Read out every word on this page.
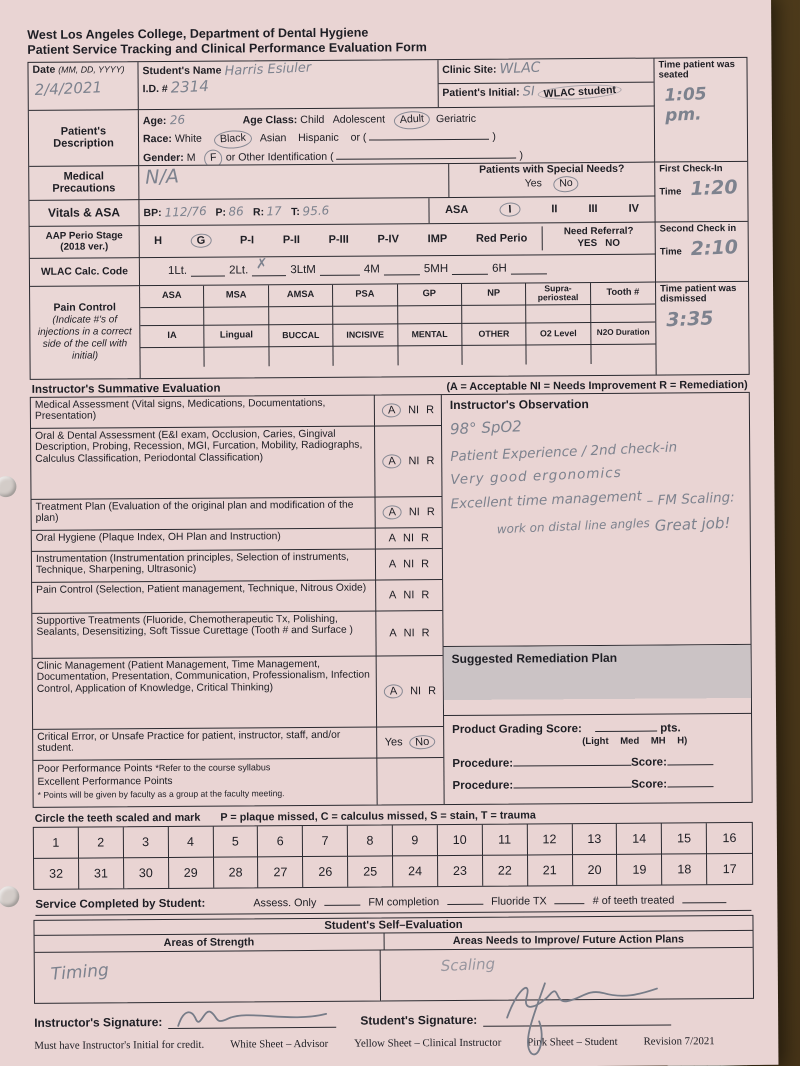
West Los Angeles College, Department of Dental Hygiene
Patient Service Tracking and Clinical Performance Evaluation Form
Date (MM, DD, YYYY) 2/4/2021
Student's Name Harris Esiuler
I.D. # 2314
Clinic Site: WLAC
Patient's Initial: SI WLAC student
Patient's Description
Age: 26	Age Class: Child Adolescent Adult Geriatric
Race: White Black Asian Hispanic or (	)
Gender: M F or Other Identification (	)
Medical Precautions
N/A	Patients with Special Needs?
Yes No
Vitals & ASA	BP: 112/76 P: 86 R: 17 T: 95.6	ASA	I	II	III	IV
AAP Perio Stage (2018 ver.)	H	G	P-I	P-II	P-III	P-IV	IMP	Red Perio
Need Referral?
YES NO
WLAC Calc. Code	1Lt.	2Lt. ✗ 3LtM	4M	5MH	6H
Pain Control
(Indicate #'s of injections in a correct side of the cell with initial)
ASA	MSA	AMSA	PSA	GP	NP	Supra-periosteal	Tooth #
IA	Lingual	BUCCAL	INCISIVE	MENTAL	OTHER	O2 Level	N2O Duration
Time patient was seated 1:05 pm.
First Check-In Time 1:20
Second Check in Time 2:10
Time patient was dismissed 3:35
Instructor's Summative Evaluation	(A = Acceptable NI = Needs Improvement R = Remediation)
Medical Assessment (Vital signs, Medications, Documentations, Presentation)
A	NI R
Oral & Dental Assessment (E&I exam, Occlusion, Caries, Gingival Description, Probing, Recession, MGI, Furcation, Mobility, Radiographs, Calculus Classification, Periodontal Classification)	A	NI R
Treatment Plan (Evaluation of the original plan and modification of the plan)
A	NI R
Oral Hygiene (Plaque Index, OH Plan and Instruction)	A NI R
Instrumentation (Instrumentation principles, Selection of instruments, Technique, Sharpening, Ultrasonic)
A NI R
Pain Control (Selection, Patient management, Technique, Nitrous Oxide)	A NI R
Supportive Treatments (Fluoride, Chemotherapeutic Tx, Polishing, Sealants, Desensitizing, Soft Tissue Curettage (Tooth # and Surface )	A NI R
Clinic Management (Patient Management, Time Management, Documentation, Presentation, Communication, Professionalism, Infection Control, Application of Knowledge, Critical Thinking)	A	NI R
Critical Error, or Unsafe Practice for patient, instructor, staff, and/or student.
Yes	No
Poor Performance Points *Refer to the course syllabus
Excellent Performance Points
* Points will be given by faculty as a group at the faculty meeting.
Instructor's Observation
98° SpO2 Patient Experience / 2nd check-in Very good ergonomics Excellent time management – FM Scaling: work on distal line angles Great job!
Suggested Remediation Plan
Product Grading Score:	pts.
(Light Med MH H)
Procedure:	Score:
Procedure:	Score:
Circle the teeth scaled and mark P = plaque missed, C = calculus missed, S = stain, T = trauma
1	2	3	4	5	6	7	8	9	10	11	12	13	14	15	16
32	31	30	29	28	27	26	25	24	23	22	21	20	19	18	17
Service Completed by Student:	Assess. Only	FM completion	Fluoride TX	# of teeth treated
Student's Self–Evaluation
Areas of Strength	Areas Needs to Improve/ Future Action Plans
Timing	Scaling
Instructor's Signature:	Student's Signature:
Must have Instructor's Initial for credit. White Sheet – Advisor Yellow Sheet – Clinical Instructor Pink Sheet – Student Revision 7/2021
